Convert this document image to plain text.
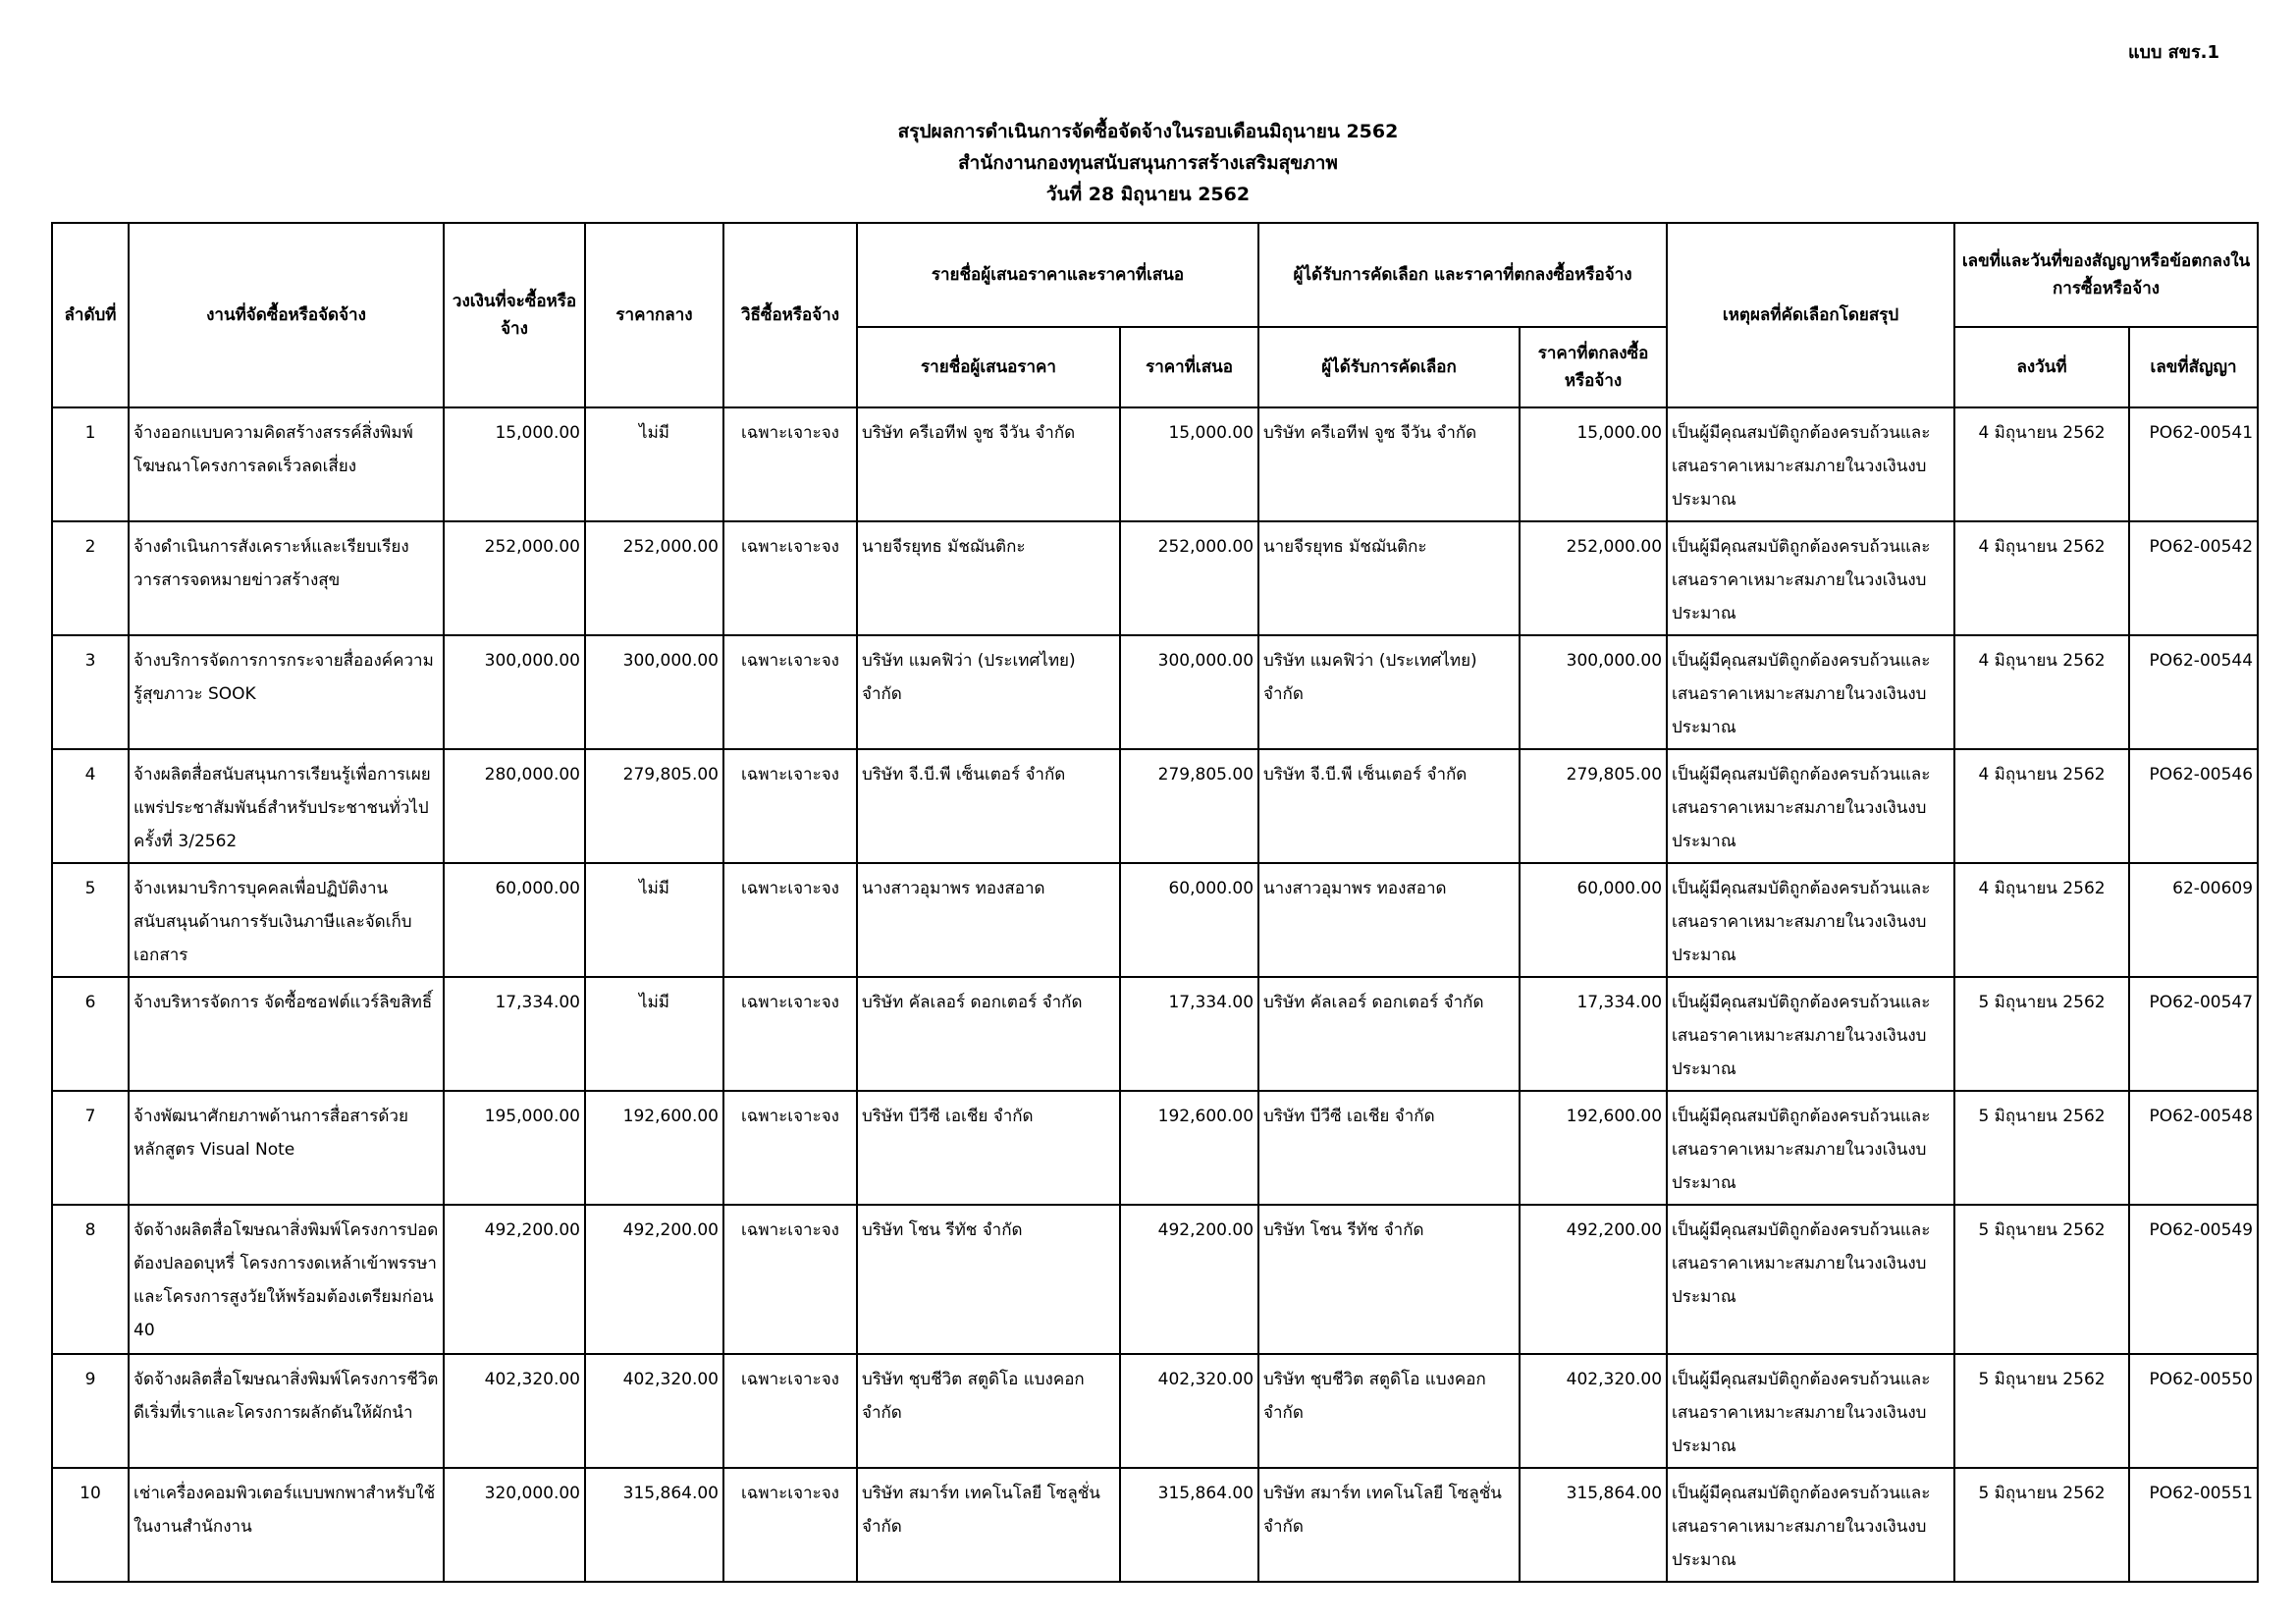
แบบ สขร.1
สรุปผลการดำเนินการจัดซื้อจัดจ้างในรอบเดือนมิถุนายน 2562
สำนักงานกองทุนสนับสนุนการสร้างเสริมสุขภาพ
วันที่ 28 มิถุนายน 2562
ลำดับที่	งานที่จัดซื้อหรือจัดจ้าง	วงเงินที่จะซื้อหรือจ้าง	ราคากลาง	วิธีซื้อหรือจ้าง	รายชื่อผู้เสนอราคาและราคาที่เสนอ		ผู้ได้รับการคัดเลือก และราคาที่ตกลงซื้อหรือจ้าง		เหตุผลที่คัดเลือกโดยสรุป	เลขที่และวันที่ของสัญญาหรือข้อตกลงในการซื้อหรือจ้าง	
					รายชื่อผู้เสนอราคา	ราคาที่เสนอ	ผู้ได้รับการคัดเลือก	ราคาที่ตกลงซื้อหรือจ้าง		ลงวันที่	เลขที่สัญญา
1	จ้างออกแบบความคิดสร้างสรรค์สิ่งพิมพ์โฆษณาโครงการลดเร็วลดเสี่ยง	15,000.00	ไม่มี	เฉพาะเจาะจง	บริษัท ครีเอทีฟ จูซ จีวัน จำกัด	15,000.00	บริษัท ครีเอทีฟ จูซ จีวัน จำกัด	15,000.00	เป็นผู้มีคุณสมบัติถูกต้องครบถ้วนและเสนอราคาเหมาะสมภายในวงเงินงบประมาณ	4 มิถุนายน 2562	PO62-00541
2	จ้างดำเนินการสังเคราะห์และเรียบเรียงวารสารจดหมายข่าวสร้างสุข	252,000.00	252,000.00	เฉพาะเจาะจง	นายจีรยุทธ มัชฌันติกะ	252,000.00	นายจีรยุทธ มัชฌันติกะ	252,000.00	เป็นผู้มีคุณสมบัติถูกต้องครบถ้วนและเสนอราคาเหมาะสมภายในวงเงินงบประมาณ	4 มิถุนายน 2562	PO62-00542
3	จ้างบริการจัดการการกระจายสื่อองค์ความรู้สุขภาวะ SOOK	300,000.00	300,000.00	เฉพาะเจาะจง	บริษัท แมคฟิว่า (ประเทศไทย) จำกัด	300,000.00	บริษัท แมคฟิว่า (ประเทศไทย) จำกัด	300,000.00	เป็นผู้มีคุณสมบัติถูกต้องครบถ้วนและเสนอราคาเหมาะสมภายในวงเงินงบประมาณ	4 มิถุนายน 2562	PO62-00544
4	จ้างผลิตสื่อสนับสนุนการเรียนรู้เพื่อการเผยแพร่ประชาสัมพันธ์สำหรับประชาชนทั่วไป ครั้งที่ 3/2562	280,000.00	279,805.00	เฉพาะเจาะจง	บริษัท จี.บี.พี เซ็นเตอร์ จำกัด	279,805.00	บริษัท จี.บี.พี เซ็นเตอร์ จำกัด	279,805.00	เป็นผู้มีคุณสมบัติถูกต้องครบถ้วนและเสนอราคาเหมาะสมภายในวงเงินงบประมาณ	4 มิถุนายน 2562	PO62-00546
5	จ้างเหมาบริการบุคคลเพื่อปฏิบัติงานสนับสนุนด้านการรับเงินภาษีและจัดเก็บเอกสาร	60,000.00	ไม่มี	เฉพาะเจาะจง	นางสาวอุมาพร ทองสอาด	60,000.00	นางสาวอุมาพร ทองสอาด	60,000.00	เป็นผู้มีคุณสมบัติถูกต้องครบถ้วนและเสนอราคาเหมาะสมภายในวงเงินงบประมาณ	4 มิถุนายน 2562	62-00609
6	จ้างบริหารจัดการ จัดซื้อซอฟต์แวร์ลิขสิทธิ์	17,334.00	ไม่มี	เฉพาะเจาะจง	บริษัท คัลเลอร์ ดอกเตอร์ จำกัด	17,334.00	บริษัท คัลเลอร์ ดอกเตอร์ จำกัด	17,334.00	เป็นผู้มีคุณสมบัติถูกต้องครบถ้วนและเสนอราคาเหมาะสมภายในวงเงินงบประมาณ	5 มิถุนายน 2562	PO62-00547
7	จ้างพัฒนาศักยภาพด้านการสื่อสารด้วยหลักสูตร Visual Note	195,000.00	192,600.00	เฉพาะเจาะจง	บริษัท บีวีซี เอเชีย จำกัด	192,600.00	บริษัท บีวีซี เอเชีย จำกัด	192,600.00	เป็นผู้มีคุณสมบัติถูกต้องครบถ้วนและเสนอราคาเหมาะสมภายในวงเงินงบประมาณ	5 มิถุนายน 2562	PO62-00548
8	จัดจ้างผลิตสื่อโฆษณาสิ่งพิมพ์โครงการปอดต้องปลอดบุหรี่ โครงการงดเหล้าเข้าพรรษา และโครงการสูงวัยให้พร้อมต้องเตรียมก่อน 40	492,200.00	492,200.00	เฉพาะเจาะจง	บริษัท โชน รีทัช จำกัด	492,200.00	บริษัท โชน รีทัช จำกัด	492,200.00	เป็นผู้มีคุณสมบัติถูกต้องครบถ้วนและเสนอราคาเหมาะสมภายในวงเงินงบประมาณ	5 มิถุนายน 2562	PO62-00549
9	จัดจ้างผลิตสื่อโฆษณาสิ่งพิมพ์โครงการชีวิตดีเริ่มที่เราและโครงการผลักดันให้ผักนำ	402,320.00	402,320.00	เฉพาะเจาะจง	บริษัท ชุบชีวิต สตูดิโอ แบงคอก จำกัด	402,320.00	บริษัท ชุบชีวิต สตูดิโอ แบงคอก จำกัด	402,320.00	เป็นผู้มีคุณสมบัติถูกต้องครบถ้วนและเสนอราคาเหมาะสมภายในวงเงินงบประมาณ	5 มิถุนายน 2562	PO62-00550
10	เช่าเครื่องคอมพิวเตอร์แบบพกพาสำหรับใช้ในงานสำนักงาน	320,000.00	315,864.00	เฉพาะเจาะจง	บริษัท สมาร์ท เทคโนโลยี โซลูชั่น จำกัด	315,864.00	บริษัท สมาร์ท เทคโนโลยี โซลูชั่น จำกัด	315,864.00	เป็นผู้มีคุณสมบัติถูกต้องครบถ้วนและเสนอราคาเหมาะสมภายในวงเงินงบประมาณ	5 มิถุนายน 2562	PO62-00551
